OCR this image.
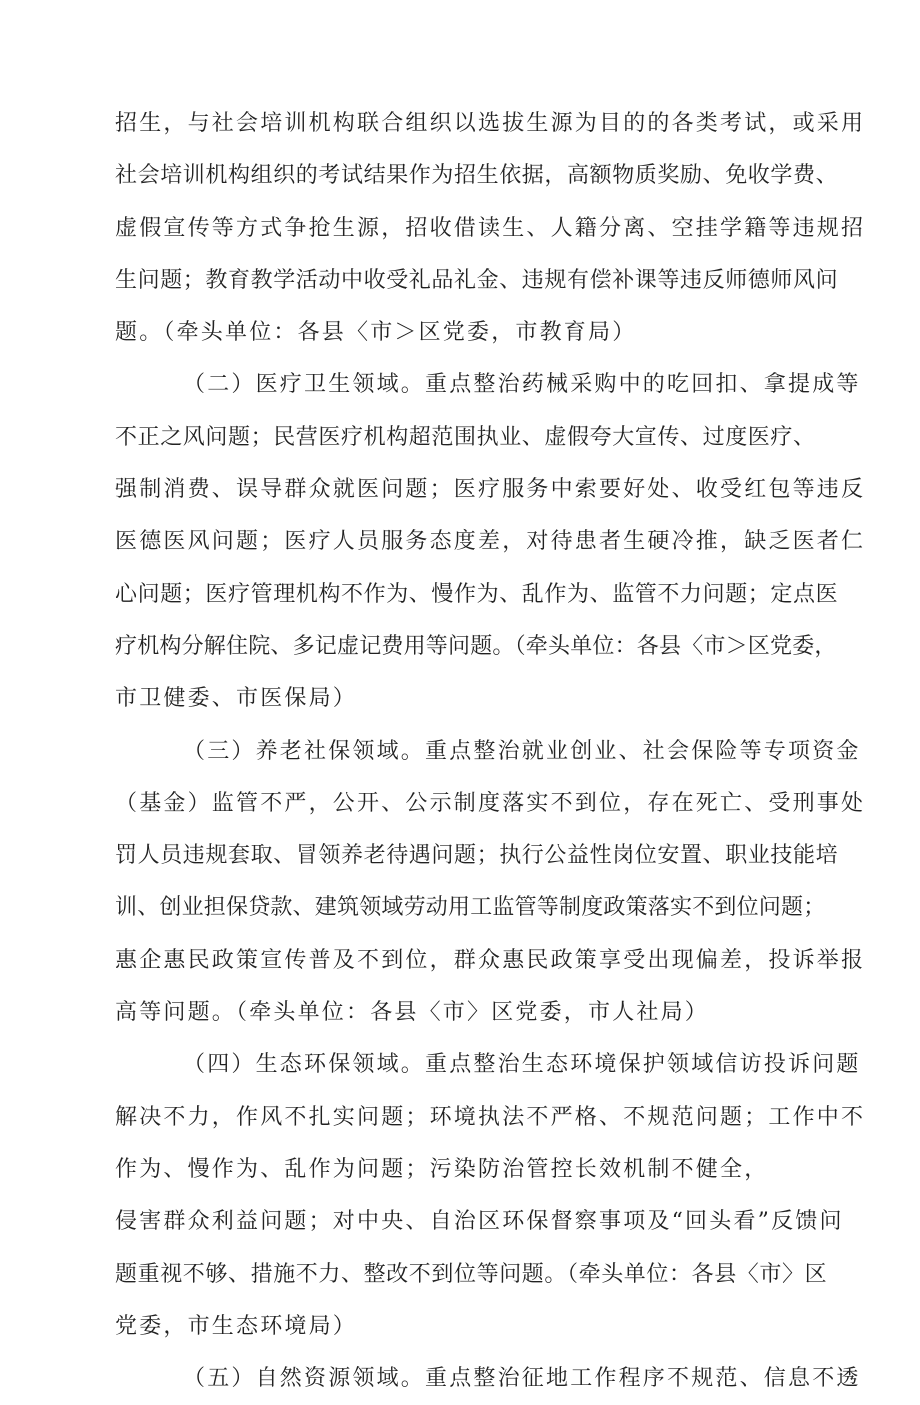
招生，与社会培训机构联合组织以选拔生源为目的的各类考试，或采用
社会培训机构组织的考试结果作为招生依据，高额物质奖励、免收学费、
虚假宣传等方式争抢生源，招收借读生、人籍分离、空挂学籍等违规招
生问题；教育教学活动中收受礼品礼金、违规有偿补课等违反师德师风问
题。（牵头单位：各县〈市＞区党委，市教育局）
（二）医疗卫生领域。重点整治药械采购中的吃回扣、拿提成等
不正之风问题；民营医疗机构超范围执业、虚假夸大宣传、过度医疗、
强制消费、误导群众就医问题；医疗服务中索要好处、收受红包等违反
医德医风问题；医疗人员服务态度差，对待患者生硬冷推，缺乏医者仁
心问题；医疗管理机构不作为、慢作为、乱作为、监管不力问题；定点医
疗机构分解住院、多记虚记费用等问题。（牵头单位：各县〈市＞区党委，
市卫健委、市医保局）
（三）养老社保领域。重点整治就业创业、社会保险等专项资金
（基金）监管不严，公开、公示制度落实不到位，存在死亡、受刑事处
罚人员违规套取、冒领养老待遇问题；执行公益性岗位安置、职业技能培
训、创业担保贷款、建筑领域劳动用工监管等制度政策落实不到位问题；
惠企惠民政策宣传普及不到位，群众惠民政策享受出现偏差，投诉举报
高等问题。（牵头单位：各县〈市〉区党委，市人社局）
（四）生态环保领域。重点整治生态环境保护领域信访投诉问题
解决不力，作风不扎实问题；环境执法不严格、不规范问题；工作中不
作为、慢作为、乱作为问题；污染防治管控长效机制不健全，
侵害群众利益问题；对中央、自治区环保督察事项及“回头看”反馈问
题重视不够、措施不力、整改不到位等问题。（牵头单位：各县〈市〉区
党委，市生态环境局）
（五）自然资源领域。重点整治征地工作程序不规范、信息不透
